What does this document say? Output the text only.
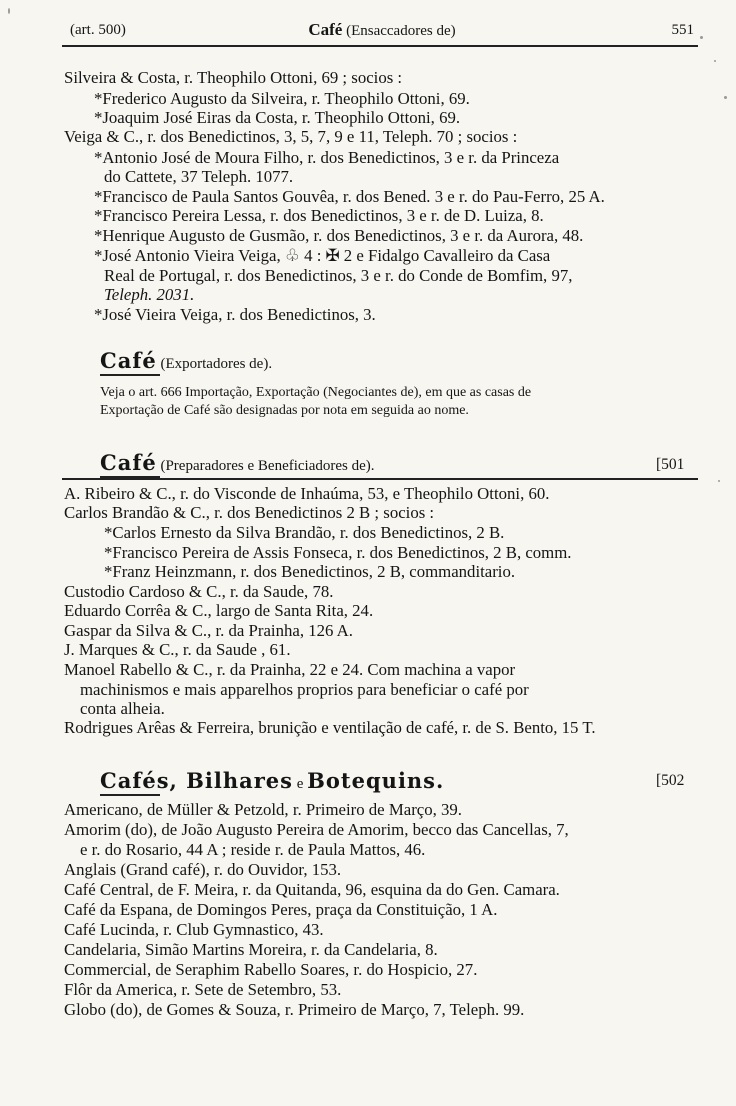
(art. 500)	Café (Ensaccadores de)	551
Silveira & Costa, r. Theophilo Ottoni, 69 ; socios :
*Frederico Augusto da Silveira, r. Theophilo Ottoni, 69.
*Joaquim José Eiras da Costa, r. Theophilo Ottoni, 69.
Veiga & C., r. dos Benedictinos, 3, 5, 7, 9 e 11, Teleph. 70 ; socios :
*Antonio José de Moura Filho, r. dos Benedictinos, 3 e r. da Princeza
do Cattete, 37 Teleph. 1077.
*Francisco de Paula Santos Gouvêa, r. dos Bened. 3 e r. do Pau-Ferro, 25 A.
*Francisco Pereira Lessa, r. dos Benedictinos, 3 e r. de D. Luiza, 8.
*Henrique Augusto de Gusmão, r. dos Benedictinos, 3 e r. da Aurora, 48.
*José Antonio Vieira Veiga, ♧ 4 : ✠ 2 e Fidalgo Cavalleiro da Casa
Real de Portugal, r. dos Benedictinos, 3 e r. do Conde de Bomfim, 97,
Teleph. 2031.
*José Vieira Veiga, r. dos Benedictinos, 3.
Café (Exportadores de).
Veja o art. 666 Importação, Exportação (Negociantes de), em que as casas de
Exportação de Café são designadas por nota em seguida ao nome.
Café (Preparadores e Beneficiadores de).	[501
A. Ribeiro & C., r. do Visconde de Inhaúma, 53, e Theophilo Ottoni, 60.
Carlos Brandão & C., r. dos Benedictinos 2 B ; socios :
*Carlos Ernesto da Silva Brandão, r. dos Benedictinos, 2 B.
*Francisco Pereira de Assis Fonseca, r. dos Benedictinos, 2 B, comm.
*Franz Heinzmann, r. dos Benedictinos, 2 B, commanditario.
Custodio Cardoso & C., r. da Saude, 78.
Eduardo Corrêa & C., largo de Santa Rita, 24.
Gaspar da Silva & C., r. da Prainha, 126 A.
J. Marques & C., r. da Saude , 61.
Manoel Rabello & C., r. da Prainha, 22 e 24. Com machina a vapor
machinismos e mais apparelhos proprios para beneficiar o café por
conta alheia.
Rodrigues Arêas & Ferreira, brunição e ventilação de café, r. de S. Bento, 15 T.
Cafés, Bilhares e Botequins.	[502
Americano, de Müller & Petzold, r. Primeiro de Março, 39.
Amorim (do), de João Augusto Pereira de Amorim, becco das Cancellas, 7,
e r. do Rosario, 44 A ; reside r. de Paula Mattos, 46.
Anglais (Grand café), r. do Ouvidor, 153.
Café Central, de F. Meira, r. da Quitanda, 96, esquina da do Gen. Camara.
Café da Espana, de Domingos Peres, praça da Constituição, 1 A.
Café Lucinda, r. Club Gymnastico, 43.
Candelaria, Simão Martins Moreira, r. da Candelaria, 8.
Commercial, de Seraphim Rabello Soares, r. do Hospicio, 27.
Flôr da America, r. Sete de Setembro, 53.
Globo (do), de Gomes & Souza, r. Primeiro de Março, 7, Teleph. 99.
